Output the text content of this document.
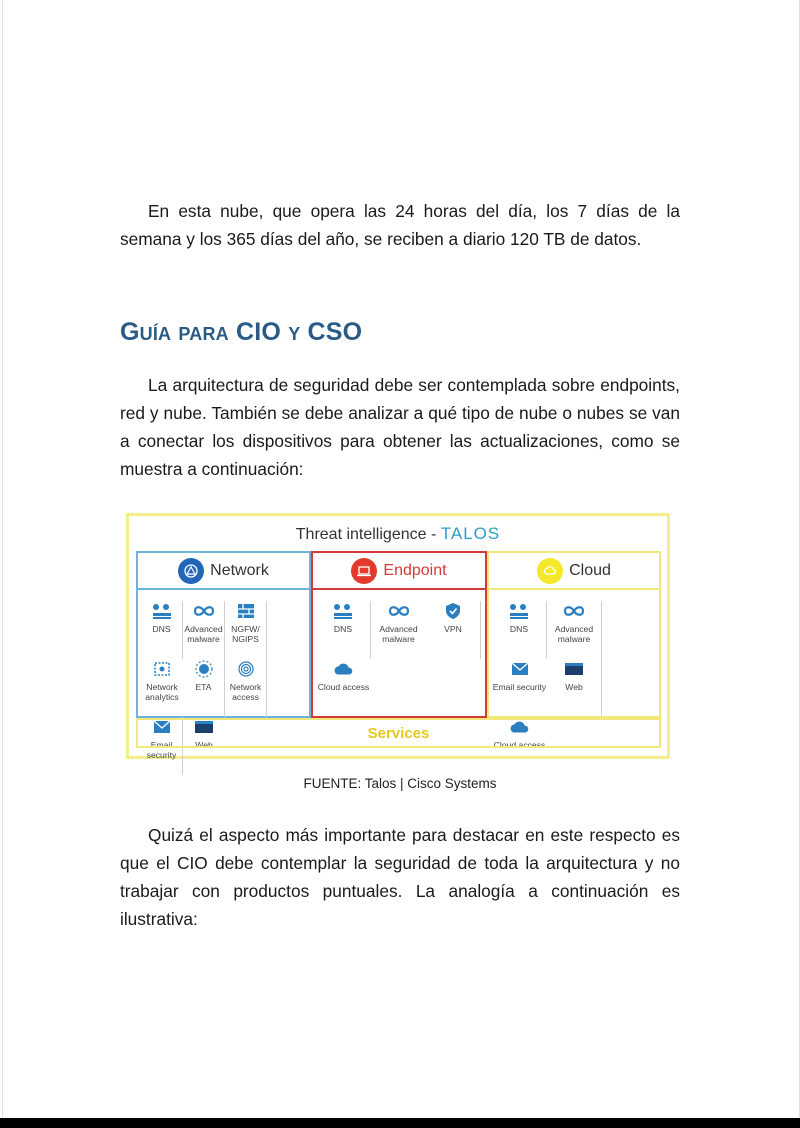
En esta nube, que opera las 24 horas del día, los 7 días de la semana y los 365 días del año, se reciben a diario 120 TB de datos.

Guía para CIO y CSO

La arquitectura de seguridad debe ser contemplada sobre endpoints, red y nube. También se debe analizar a qué tipo de nube o nubes se van a conectar los dispositivos para obtener las actualizaciones, como se muestra a continuación:

Threat intelligence - TALOS
Network
DNS Advanced malware
NGFW/ NGIPS
Network analytics
ETA	Network access
Email security
Web
Endpoint
DNS	Advanced malware
VPN
Cloud access
Cloud
DNS	Advanced malware
Email security Web
Cloud access
Services

FUENTE: Talos | Cisco Systems

Quizá el aspecto más importante para destacar en este respecto es que el CIO debe contemplar la seguridad de toda la arquitectura y no trabajar con productos puntuales. La analogía a continuación es ilustrativa:
